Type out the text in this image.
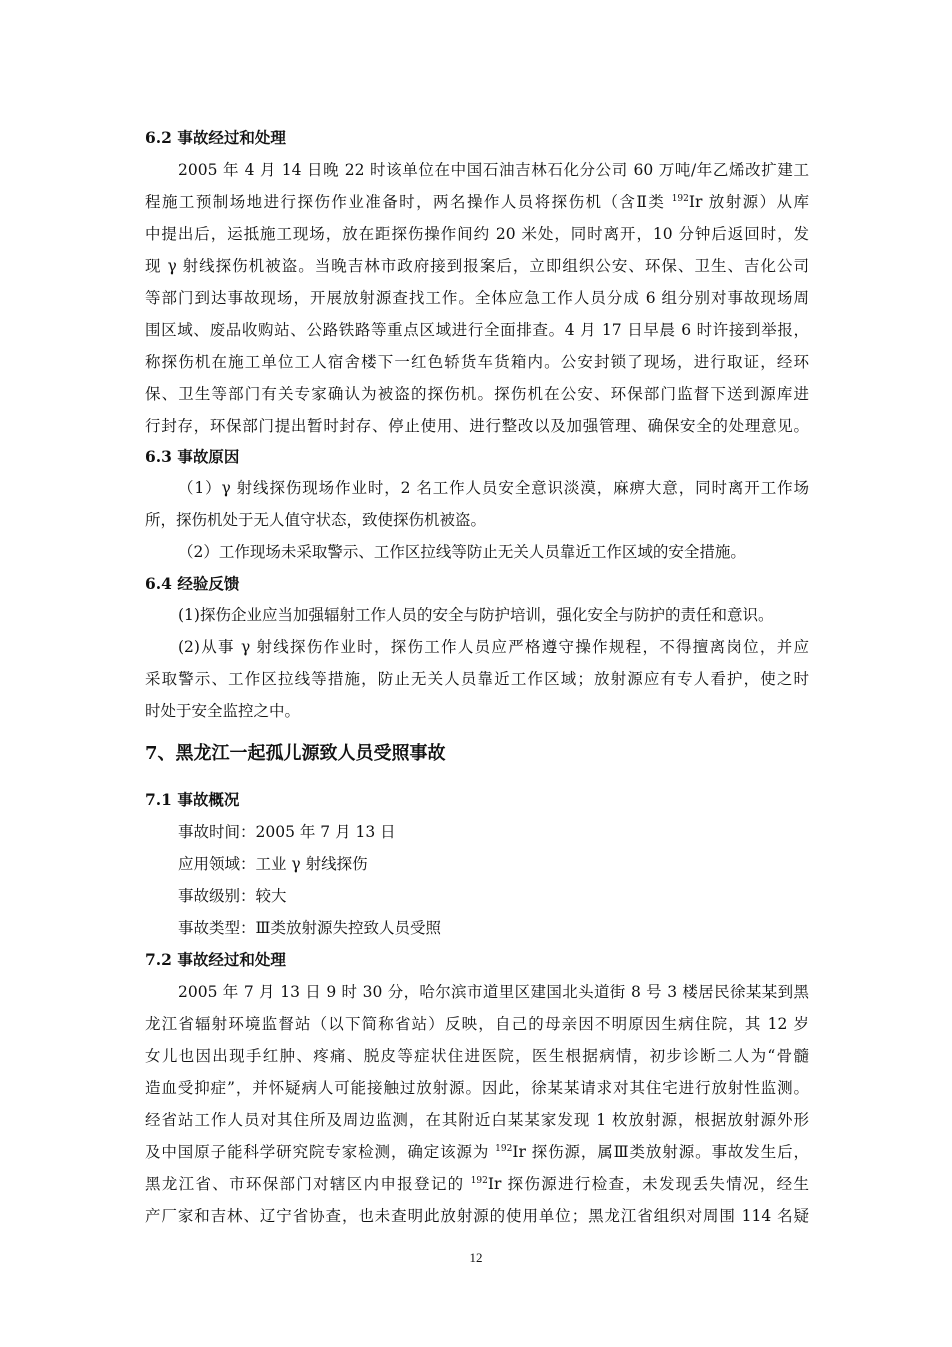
6.2 事故经过和处理
2005 年 4 月 14 日晚 22 时该单位在中国石油吉林石化分公司 60 万吨/年乙烯改扩建工
程施工预制场地进行探伤作业准备时，两名操作人员将探伤机（含Ⅱ类 $^{192}$Ir 放射源）从库
中提出后，运抵施工现场，放在距探伤操作间约 20 米处，同时离开，10 分钟后返回时，发
现 γ 射线探伤机被盗。当晚吉林市政府接到报案后，立即组织公安、环保、卫生、吉化公司
等部门到达事故现场，开展放射源查找工作。全体应急工作人员分成 6 组分别对事故现场周
围区域、废品收购站、公路铁路等重点区域进行全面排查。4 月 17 日早晨 6 时许接到举报，
称探伤机在施工单位工人宿舍楼下一红色轿货车货箱内。公安封锁了现场，进行取证，经环
保、卫生等部门有关专家确认为被盗的探伤机。探伤机在公安、环保部门监督下送到源库进
行封存，环保部门提出暂时封存、停止使用、进行整改以及加强管理、确保安全的处理意见。
6.3 事故原因
（1）γ 射线探伤现场作业时，2 名工作人员安全意识淡漠，麻痹大意，同时离开工作场
所，探伤机处于无人值守状态，致使探伤机被盗。
（2）工作现场未采取警示、工作区拉线等防止无关人员靠近工作区域的安全措施。
6.4 经验反馈
(1)探伤企业应当加强辐射工作人员的安全与防护培训，强化安全与防护的责任和意识。
(2)从事 γ 射线探伤作业时，探伤工作人员应严格遵守操作规程，不得擅离岗位，并应
采取警示、工作区拉线等措施，防止无关人员靠近工作区域；放射源应有专人看护，使之时
时处于安全监控之中。
7、黑龙江一起孤儿源致人员受照事故
7.1 事故概况
事故时间：2005 年 7 月 13 日
应用领域：工业 γ 射线探伤
事故级别：较大
事故类型：Ⅲ类放射源失控致人员受照
7.2 事故经过和处理
2005 年 7 月 13 日 9 时 30 分，哈尔滨市道里区建国北头道街 8 号 3 楼居民徐某某到黑
龙江省辐射环境监督站（以下简称省站）反映，自己的母亲因不明原因生病住院，其 12 岁
女儿也因出现手红肿、疼痛、脱皮等症状住进医院，医生根据病情，初步诊断二人为“骨髓
造血受抑症”，并怀疑病人可能接触过放射源。因此，徐某某请求对其住宅进行放射性监测。
经省站工作人员对其住所及周边监测，在其附近白某某家发现 1 枚放射源，根据放射源外形
及中国原子能科学研究院专家检测，确定该源为 $^{192}$Ir 探伤源，属Ⅲ类放射源。事故发生后，
黑龙江省、市环保部门对辖区内申报登记的 $^{192}$Ir 探伤源进行检查，未发现丢失情况，经生
产厂家和吉林、辽宁省协查，也未查明此放射源的使用单位；黑龙江省组织对周围 114 名疑
12
